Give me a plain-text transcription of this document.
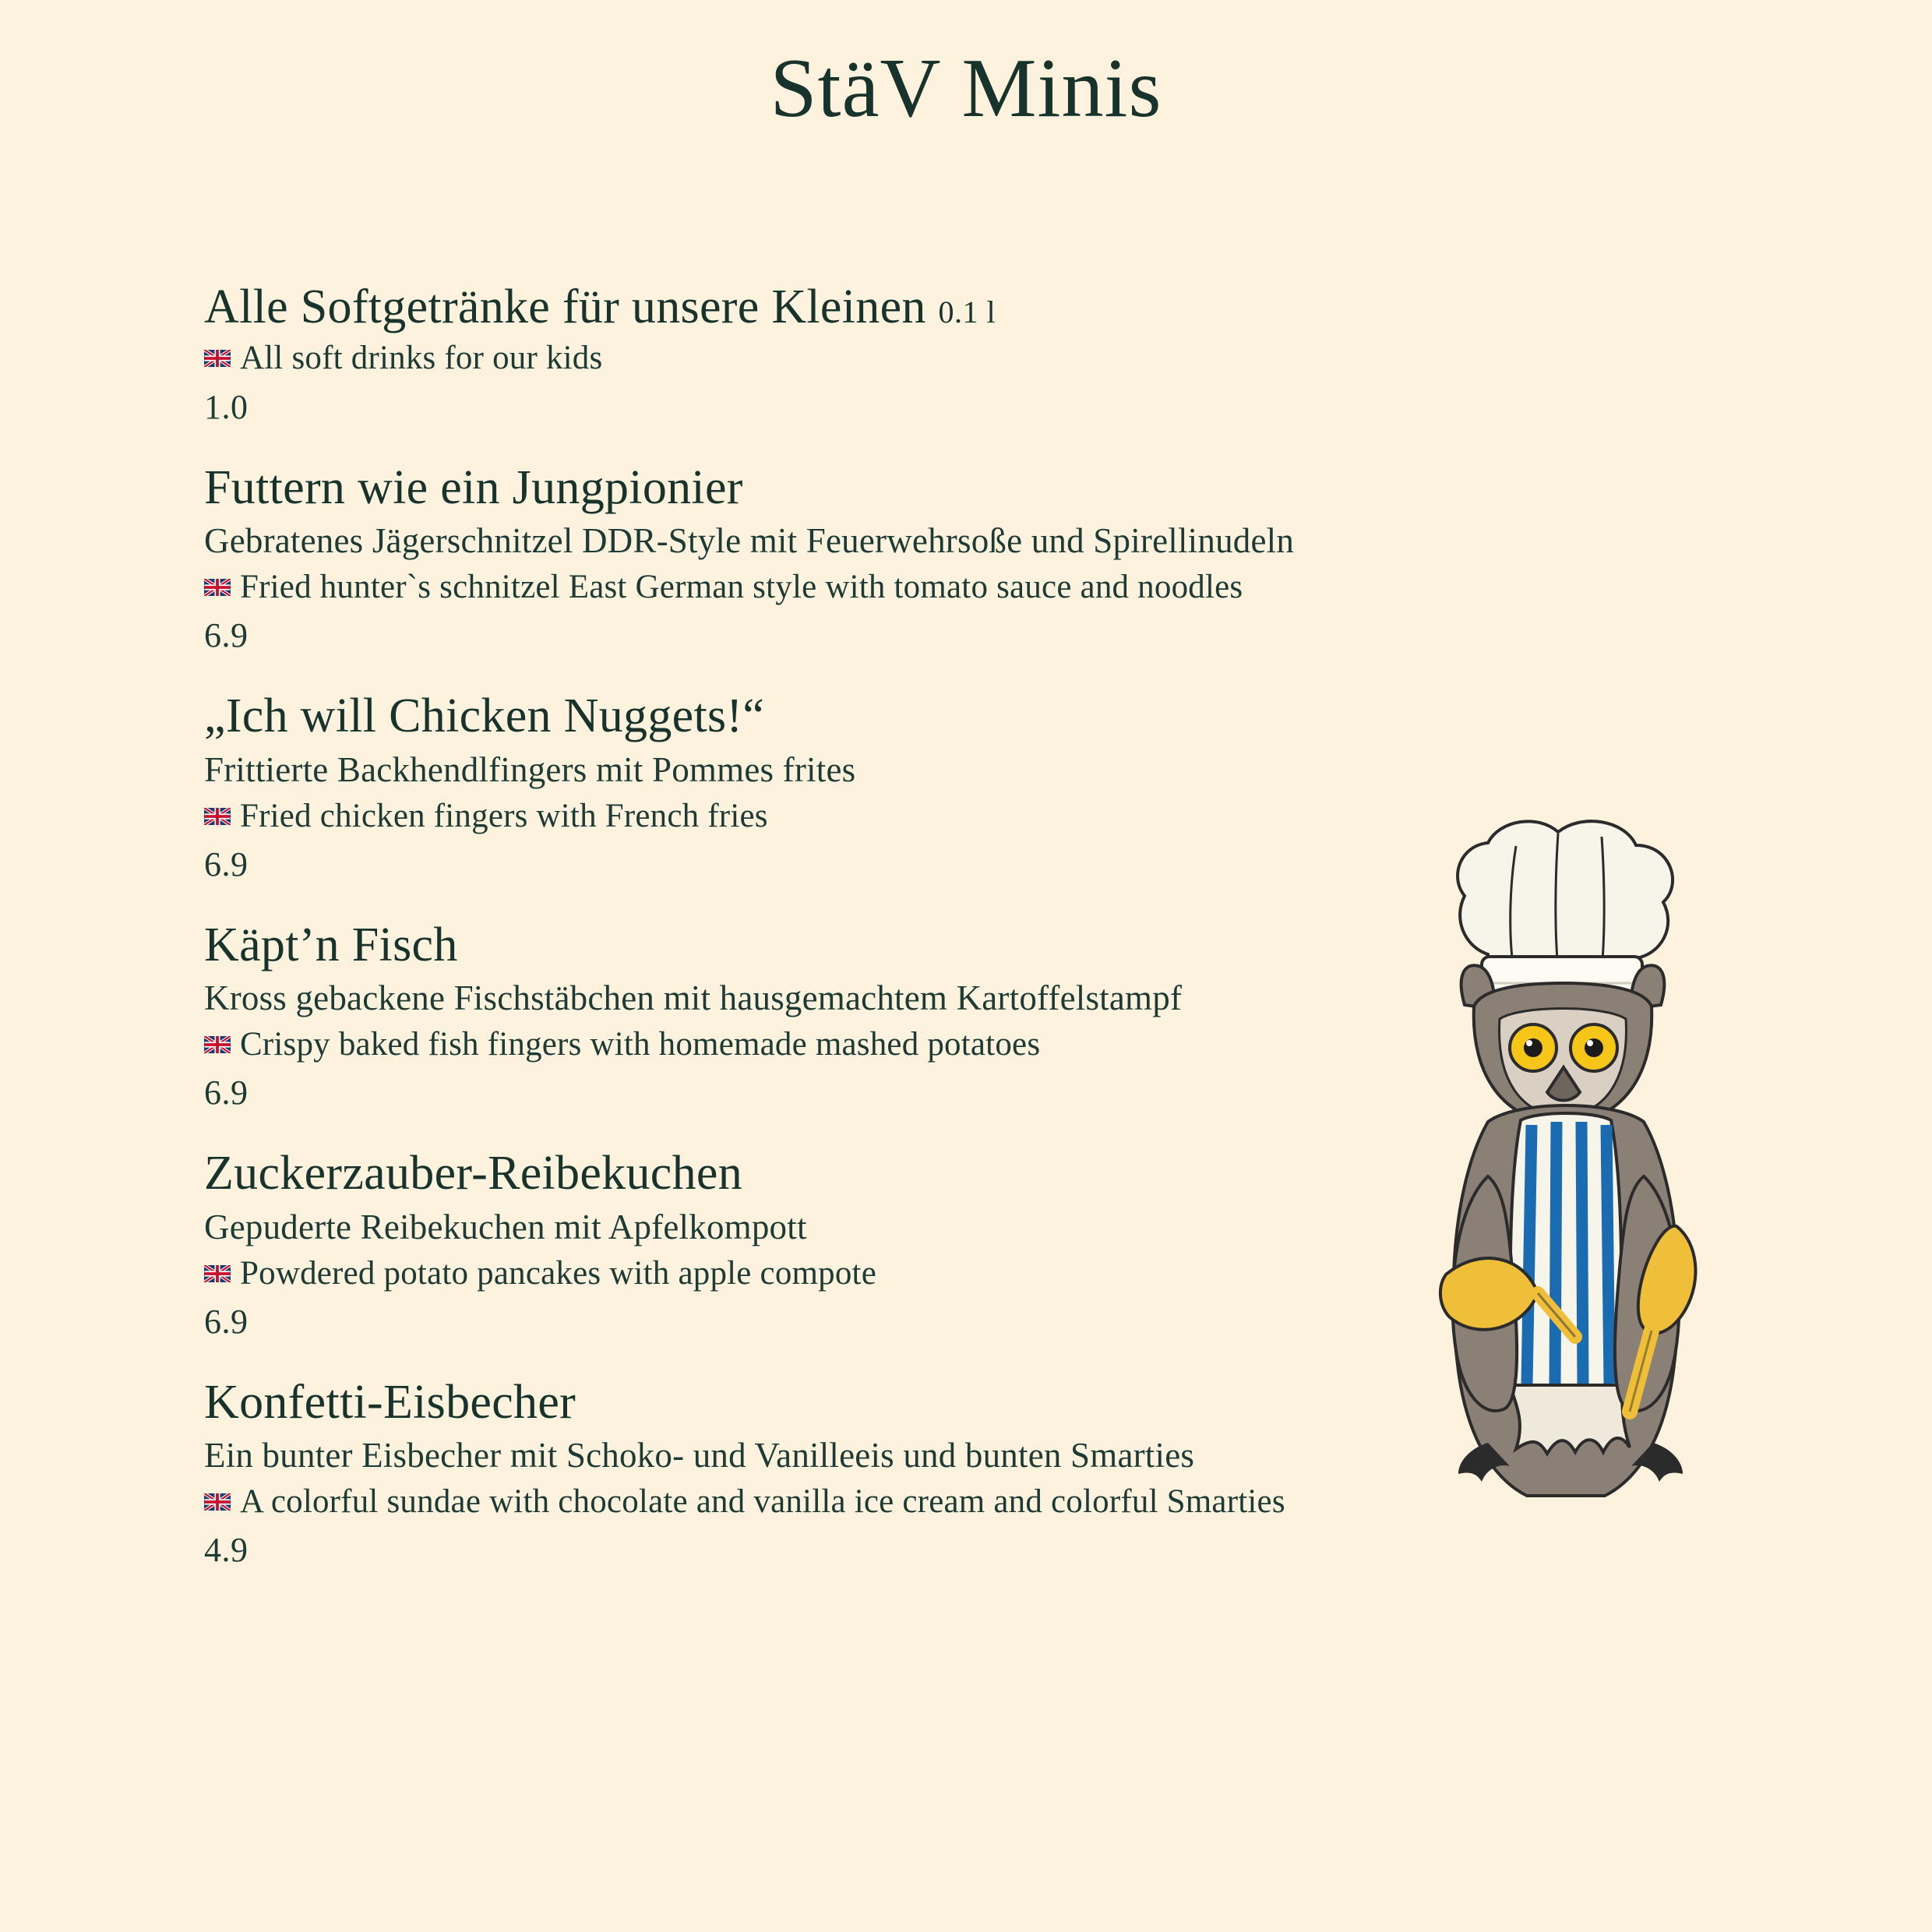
StäV Minis
Alle Softgetränke für unsere Kleinen 0.1 l
All soft drinks for our kids
1.0
Futtern wie ein Jungpionier
Gebratenes Jägerschnitzel DDR-Style mit Feuerwehrsoße und Spirellinudeln
Fried hunter`s schnitzel East German style with tomato sauce and noodles
6.9
„Ich will Chicken Nuggets!“
Frittierte Backhendlfingers mit Pommes frites
Fried chicken fingers with French fries
6.9
Käpt’n Fisch
Kross gebackene Fischstäbchen mit hausgemachtem Kartoffelstampf
Crispy baked fish fingers with homemade mashed potatoes
6.9
Zuckerzauber-Reibekuchen
Gepuderte Reibekuchen mit Apfelkompott
Powdered potato pancakes with apple compote
6.9
Konfetti-Eisbecher
Ein bunter Eisbecher mit Schoko- und Vanilleeis und bunten Smarties
A colorful sundae with chocolate and vanilla ice cream and colorful Smarties
4.9
